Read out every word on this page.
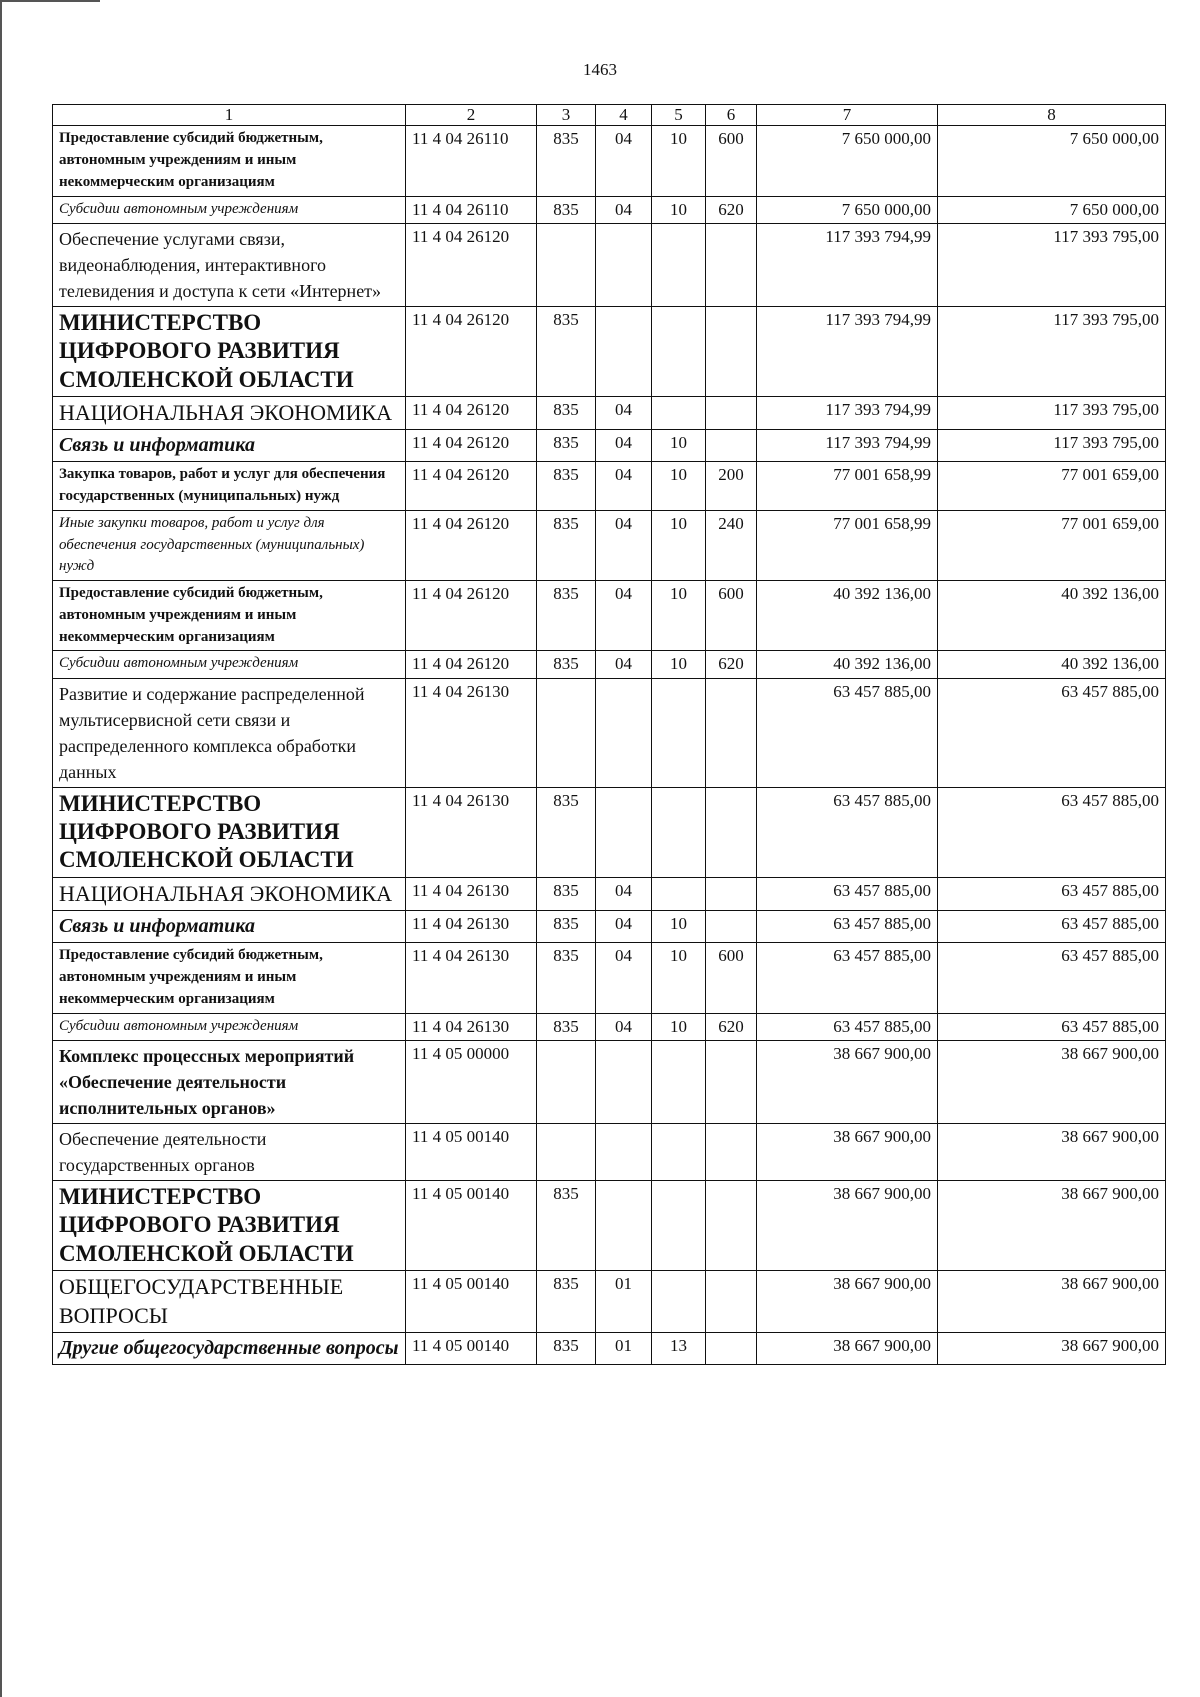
1463
1	2	3	4	5	6	7	8
Предоставление субсидий бюджетным, автономным учреждениям и иным некоммерческим организациям	11 4 04 26110	835	04	10	600	7 650 000,00	7 650 000,00
Субсидии автономным учреждениям	11 4 04 26110	835	04	10	620	7 650 000,00	7 650 000,00
Обеспечение услугами связи, видеонаблюдения, интерактивного телевидения и доступа к сети «Интернет»	11 4 04 26120					117 393 794,99	117 393 795,00
МИНИСТЕРСТВО ЦИФРОВОГО РАЗВИТИЯ СМОЛЕНСКОЙ ОБЛАСТИ	11 4 04 26120	835				117 393 794,99	117 393 795,00
НАЦИОНАЛЬНАЯ ЭКОНОМИКА	11 4 04 26120	835	04			117 393 794,99	117 393 795,00
Связь и информатика	11 4 04 26120	835	04	10		117 393 794,99	117 393 795,00
Закупка товаров, работ и услуг для обеспечения государственных (муниципальных) нужд	11 4 04 26120	835	04	10	200	77 001 658,99	77 001 659,00
Иные закупки товаров, работ и услуг для обеспечения государственных (муниципальных) нужд	11 4 04 26120	835	04	10	240	77 001 658,99	77 001 659,00
Предоставление субсидий бюджетным, автономным учреждениям и иным некоммерческим организациям	11 4 04 26120	835	04	10	600	40 392 136,00	40 392 136,00
Субсидии автономным учреждениям	11 4 04 26120	835	04	10	620	40 392 136,00	40 392 136,00
Развитие и содержание распределенной мультисервисной сети связи и распределенного комплекса обработки данных	11 4 04 26130					63 457 885,00	63 457 885,00
МИНИСТЕРСТВО ЦИФРОВОГО РАЗВИТИЯ СМОЛЕНСКОЙ ОБЛАСТИ	11 4 04 26130	835				63 457 885,00	63 457 885,00
НАЦИОНАЛЬНАЯ ЭКОНОМИКА	11 4 04 26130	835	04			63 457 885,00	63 457 885,00
Связь и информатика	11 4 04 26130	835	04	10		63 457 885,00	63 457 885,00
Предоставление субсидий бюджетным, автономным учреждениям и иным некоммерческим организациям	11 4 04 26130	835	04	10	600	63 457 885,00	63 457 885,00
Субсидии автономным учреждениям	11 4 04 26130	835	04	10	620	63 457 885,00	63 457 885,00
Комплекс процессных мероприятий «Обеспечение деятельности исполнительных органов»	11 4 05 00000					38 667 900,00	38 667 900,00
Обеспечение деятельности государственных органов	11 4 05 00140					38 667 900,00	38 667 900,00
МИНИСТЕРСТВО ЦИФРОВОГО РАЗВИТИЯ СМОЛЕНСКОЙ ОБЛАСТИ	11 4 05 00140	835				38 667 900,00	38 667 900,00
ОБЩЕГОСУДАРСТВЕННЫЕ ВОПРОСЫ	11 4 05 00140	835	01			38 667 900,00	38 667 900,00
Другие общегосударственные вопросы	11 4 05 00140	835	01	13		38 667 900,00	38 667 900,00
